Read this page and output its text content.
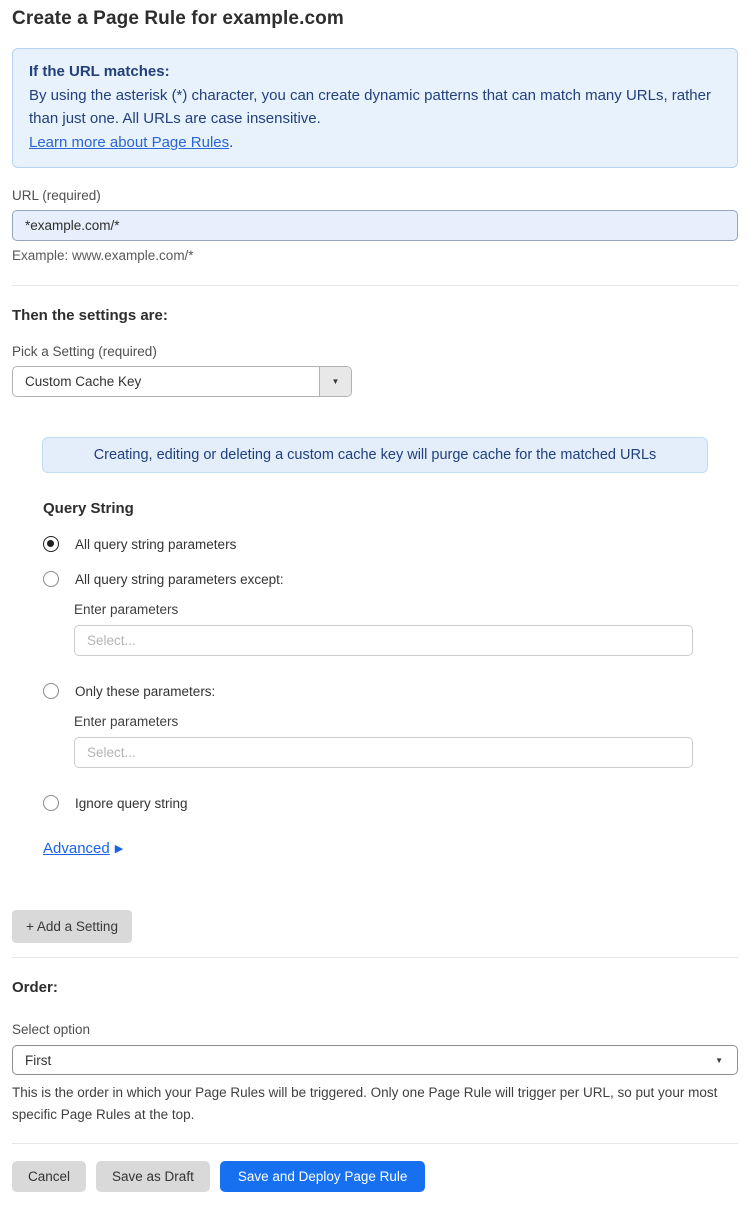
Create a Page Rule for example.com
If the URL matches:
By using the asterisk (*) character, you can create dynamic patterns that can match many URLs, rather than just one. All URLs are case insensitive.
Learn more about Page Rules.
URL (required)
*example.com/*
Example: www.example.com/*
Then the settings are:
Pick a Setting (required)
Custom Cache Key	▼
Creating, editing or deleting a custom cache key will purge cache for the matched URLs
Query String
All query string parameters
All query string parameters except:
Enter parameters
Select...
Only these parameters:
Enter parameters
Select...
Ignore query string
Advanced ▶
+ Add a Setting
Order:
Select option
First	▼
This is the order in which your Page Rules will be triggered. Only one Page Rule will trigger per URL, so put your most specific Page Rules at the top.
Cancel	Save as Draft	Save and Deploy Page Rule
